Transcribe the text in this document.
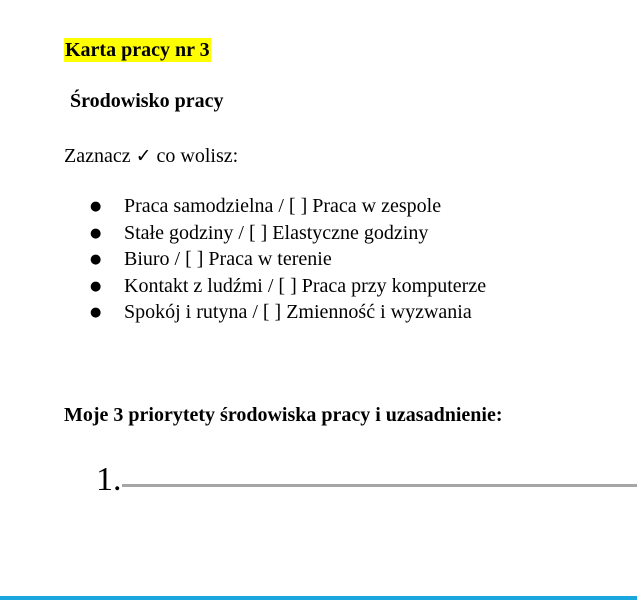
Karta pracy nr 3
Środowisko pracy
Zaznacz ✓ co wolisz:
● Praca samodzielna / [ ] Praca w zespole
● Stałe godziny / [ ] Elastyczne godziny
● Biuro / [ ] Praca w terenie
● Kontakt z ludźmi / [ ] Praca przy komputerze
● Spokój i rutyna / [ ] Zmienność i wyzwania
Moje 3 priorytety środowiska pracy i uzasadnienie:
1.
